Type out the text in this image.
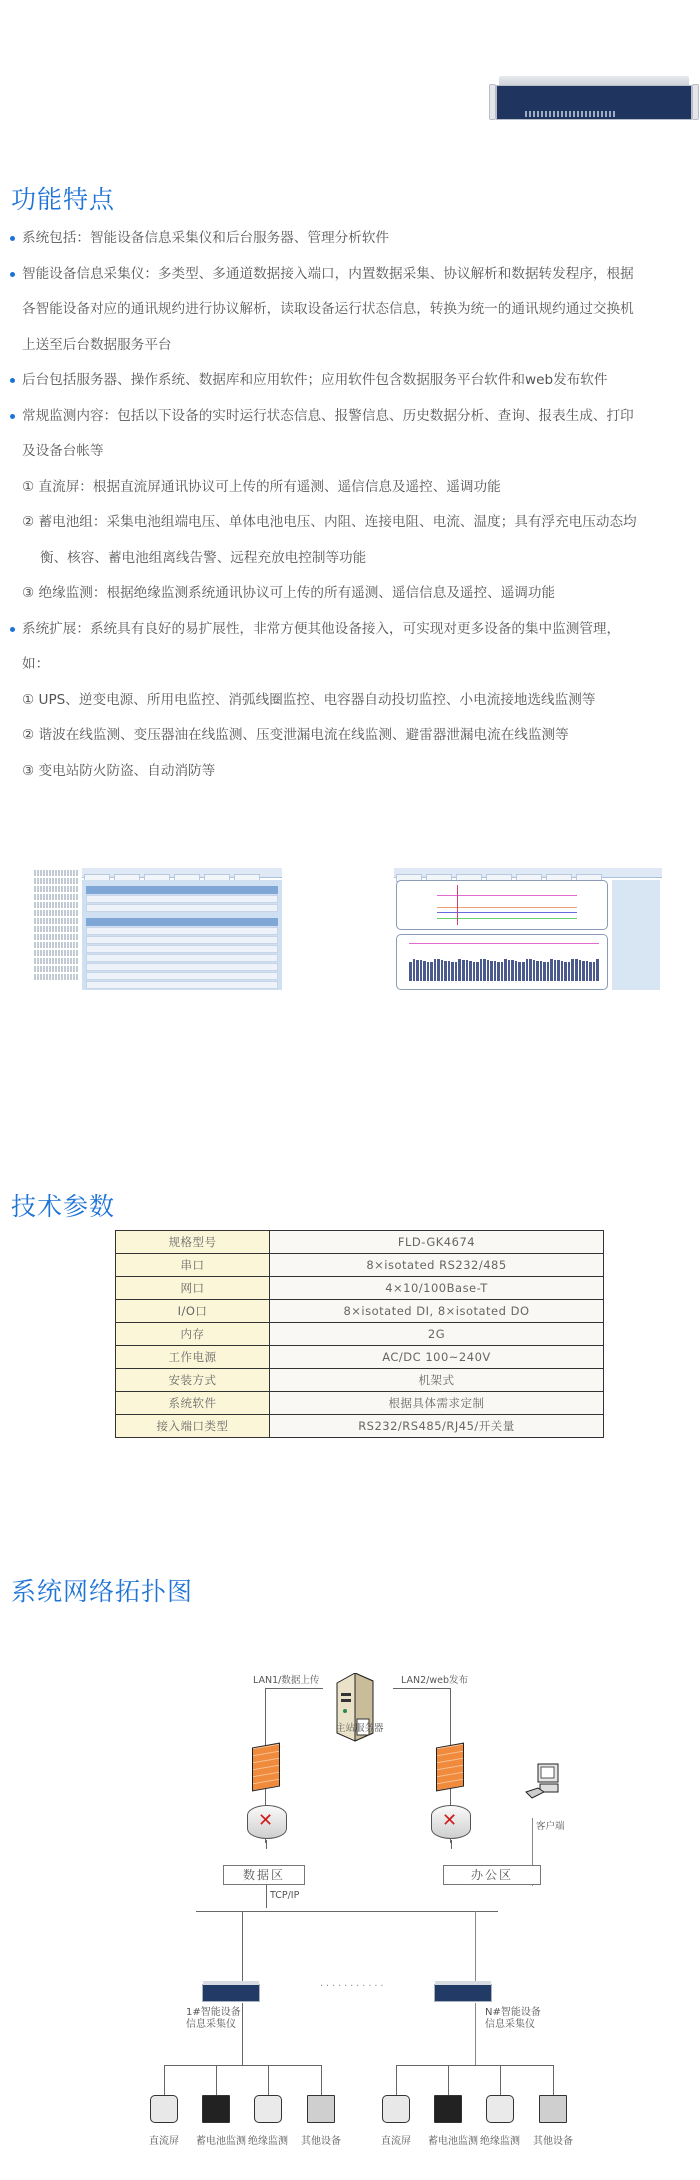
功能特点
系统包括：智能设备信息采集仪和后台服务器、管理分析软件
智能设备信息采集仪：多类型、多通道数据接入端口，内置数据采集、协议解析和数据转发程序，根据
各智能设备对应的通讯规约进行协议解析，读取设备运行状态信息，转换为统一的通讯规约通过交换机
上送至后台数据服务平台
后台包括服务器、操作系统、数据库和应用软件；应用软件包含数据服务平台软件和web发布软件
常规监测内容：包括以下设备的实时运行状态信息、报警信息、历史数据分析、查询、报表生成、打印
及设备台帐等
① 直流屏：根据直流屏通讯协议可上传的所有遥测、遥信信息及遥控、遥调功能
② 蓄电池组：采集电池组端电压、单体电池电压、内阻、连接电阻、电流、温度；具有浮充电压动态均
衡、核容、蓄电池组离线告警、远程充放电控制等功能
③ 绝缘监测：根据绝缘监测系统通讯协议可上传的所有遥测、遥信信息及遥控、遥调功能
系统扩展：系统具有良好的易扩展性，非常方便其他设备接入，可实现对更多设备的集中监测管理，
如：
① UPS、逆变电源、所用电监控、消弧线圈监控、电容器自动投切监控、小电流接地选线监测等
② 谐波在线监测、变压器油在线监测、压变泄漏电流在线监测、避雷器泄漏电流在线监测等
③ 变电站防火防盗、自动消防等
技术参数
规格型号	FLD-GK4674
串口	8×isotated RS232/485
网口	4×10/100Base-T
I/O口	8×isotated DI, 8×isotated DO
内存	2G
工作电源	AC/DC 100~240V
安装方式	机架式
系统软件	根据具体需求定制
接入端口类型	RS232/RS485/RJ45/开关量
系统网络拓扑图
主站服务器
LAN1/数据上传	LAN2/web发布
✕
✕
客户端
数据区	办公区
TCP/IP
· · · · · · · · · · ·
1#智能设备
信息采集仪
N#智能设备
信息采集仪
直流屏	蓄电池监测 绝缘监测 其他设备	直流屏	蓄电池监测 绝缘监测 其他设备
